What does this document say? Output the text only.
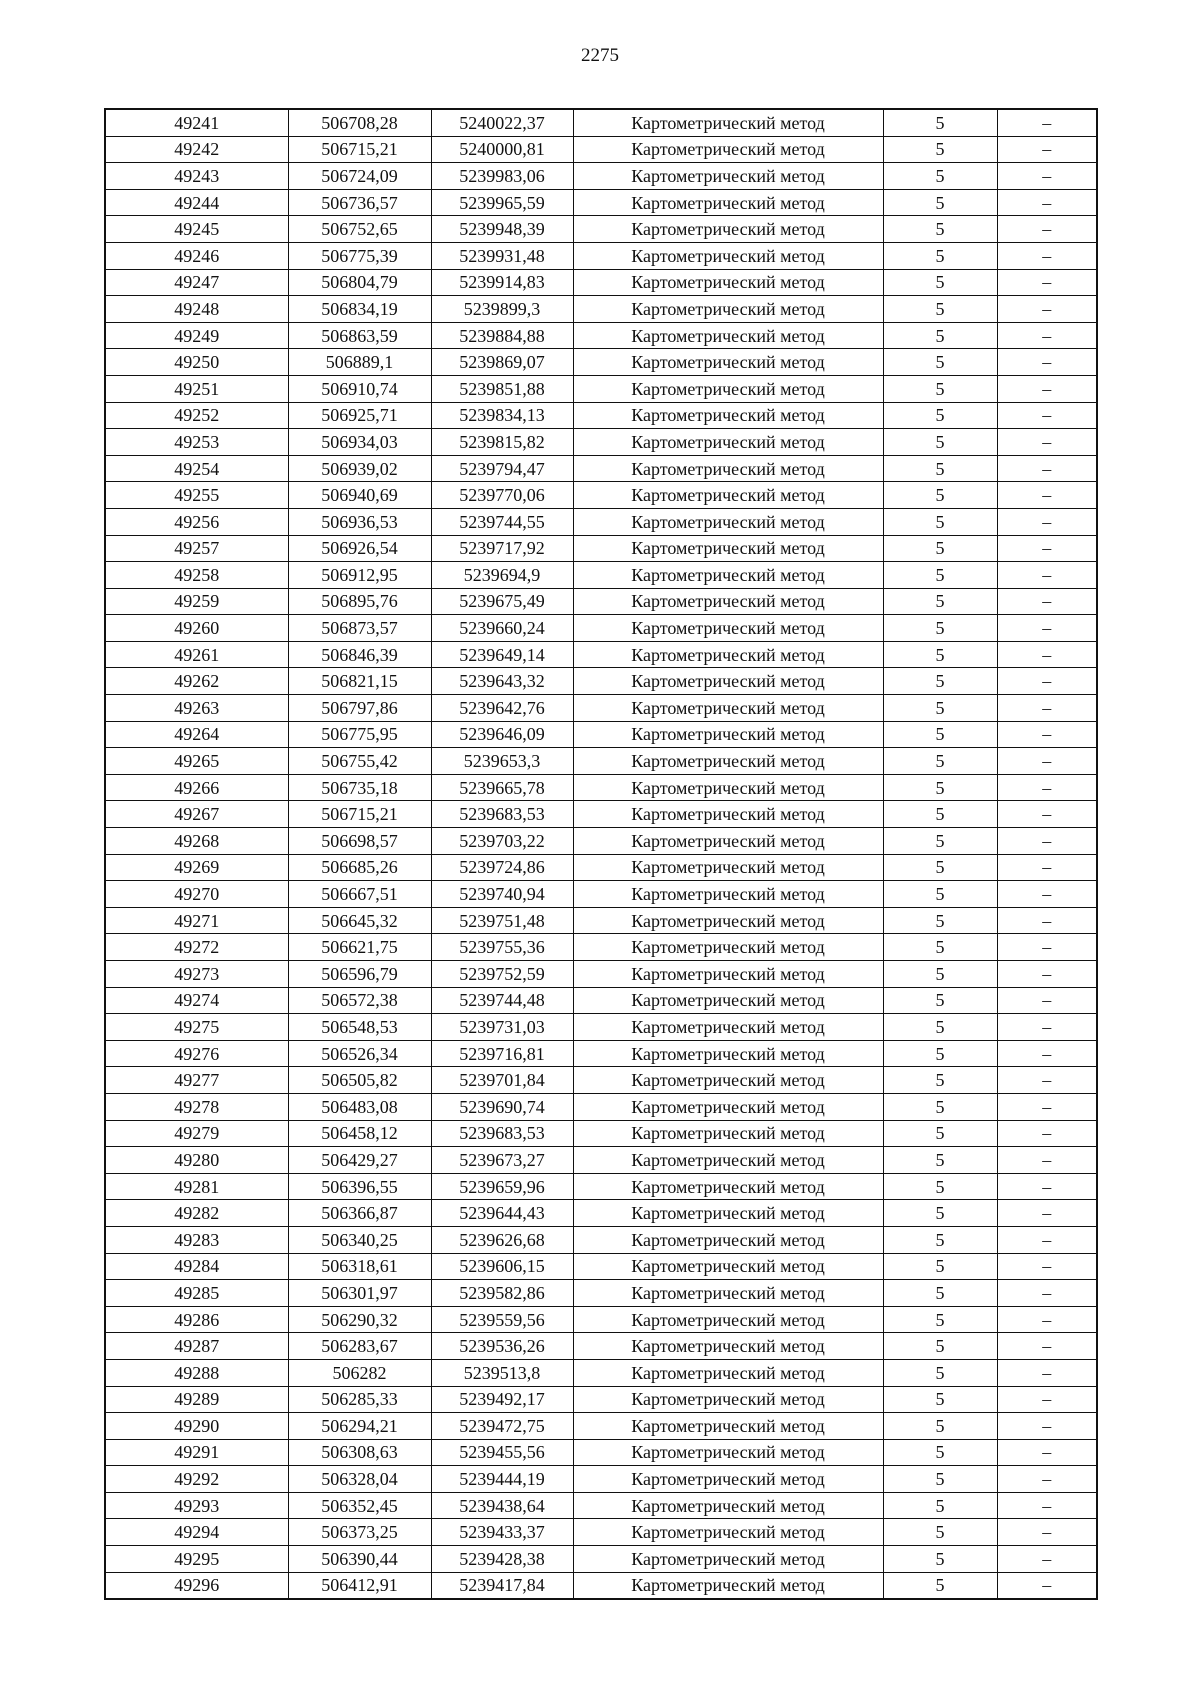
2275
49241	506708,28	5240022,37	Картометрический метод	5	–
49242	506715,21	5240000,81	Картометрический метод	5	–
49243	506724,09	5239983,06	Картометрический метод	5	–
49244	506736,57	5239965,59	Картометрический метод	5	–
49245	506752,65	5239948,39	Картометрический метод	5	–
49246	506775,39	5239931,48	Картометрический метод	5	–
49247	506804,79	5239914,83	Картометрический метод	5	–
49248	506834,19	5239899,3	Картометрический метод	5	–
49249	506863,59	5239884,88	Картометрический метод	5	–
49250	506889,1	5239869,07	Картометрический метод	5	–
49251	506910,74	5239851,88	Картометрический метод	5	–
49252	506925,71	5239834,13	Картометрический метод	5	–
49253	506934,03	5239815,82	Картометрический метод	5	–
49254	506939,02	5239794,47	Картометрический метод	5	–
49255	506940,69	5239770,06	Картометрический метод	5	–
49256	506936,53	5239744,55	Картометрический метод	5	–
49257	506926,54	5239717,92	Картометрический метод	5	–
49258	506912,95	5239694,9	Картометрический метод	5	–
49259	506895,76	5239675,49	Картометрический метод	5	–
49260	506873,57	5239660,24	Картометрический метод	5	–
49261	506846,39	5239649,14	Картометрический метод	5	–
49262	506821,15	5239643,32	Картометрический метод	5	–
49263	506797,86	5239642,76	Картометрический метод	5	–
49264	506775,95	5239646,09	Картометрический метод	5	–
49265	506755,42	5239653,3	Картометрический метод	5	–
49266	506735,18	5239665,78	Картометрический метод	5	–
49267	506715,21	5239683,53	Картометрический метод	5	–
49268	506698,57	5239703,22	Картометрический метод	5	–
49269	506685,26	5239724,86	Картометрический метод	5	–
49270	506667,51	5239740,94	Картометрический метод	5	–
49271	506645,32	5239751,48	Картометрический метод	5	–
49272	506621,75	5239755,36	Картометрический метод	5	–
49273	506596,79	5239752,59	Картометрический метод	5	–
49274	506572,38	5239744,48	Картометрический метод	5	–
49275	506548,53	5239731,03	Картометрический метод	5	–
49276	506526,34	5239716,81	Картометрический метод	5	–
49277	506505,82	5239701,84	Картометрический метод	5	–
49278	506483,08	5239690,74	Картометрический метод	5	–
49279	506458,12	5239683,53	Картометрический метод	5	–
49280	506429,27	5239673,27	Картометрический метод	5	–
49281	506396,55	5239659,96	Картометрический метод	5	–
49282	506366,87	5239644,43	Картометрический метод	5	–
49283	506340,25	5239626,68	Картометрический метод	5	–
49284	506318,61	5239606,15	Картометрический метод	5	–
49285	506301,97	5239582,86	Картометрический метод	5	–
49286	506290,32	5239559,56	Картометрический метод	5	–
49287	506283,67	5239536,26	Картометрический метод	5	–
49288	506282	5239513,8	Картометрический метод	5	–
49289	506285,33	5239492,17	Картометрический метод	5	–
49290	506294,21	5239472,75	Картометрический метод	5	–
49291	506308,63	5239455,56	Картометрический метод	5	–
49292	506328,04	5239444,19	Картометрический метод	5	–
49293	506352,45	5239438,64	Картометрический метод	5	–
49294	506373,25	5239433,37	Картометрический метод	5	–
49295	506390,44	5239428,38	Картометрический метод	5	–
49296	506412,91	5239417,84	Картометрический метод	5	–
